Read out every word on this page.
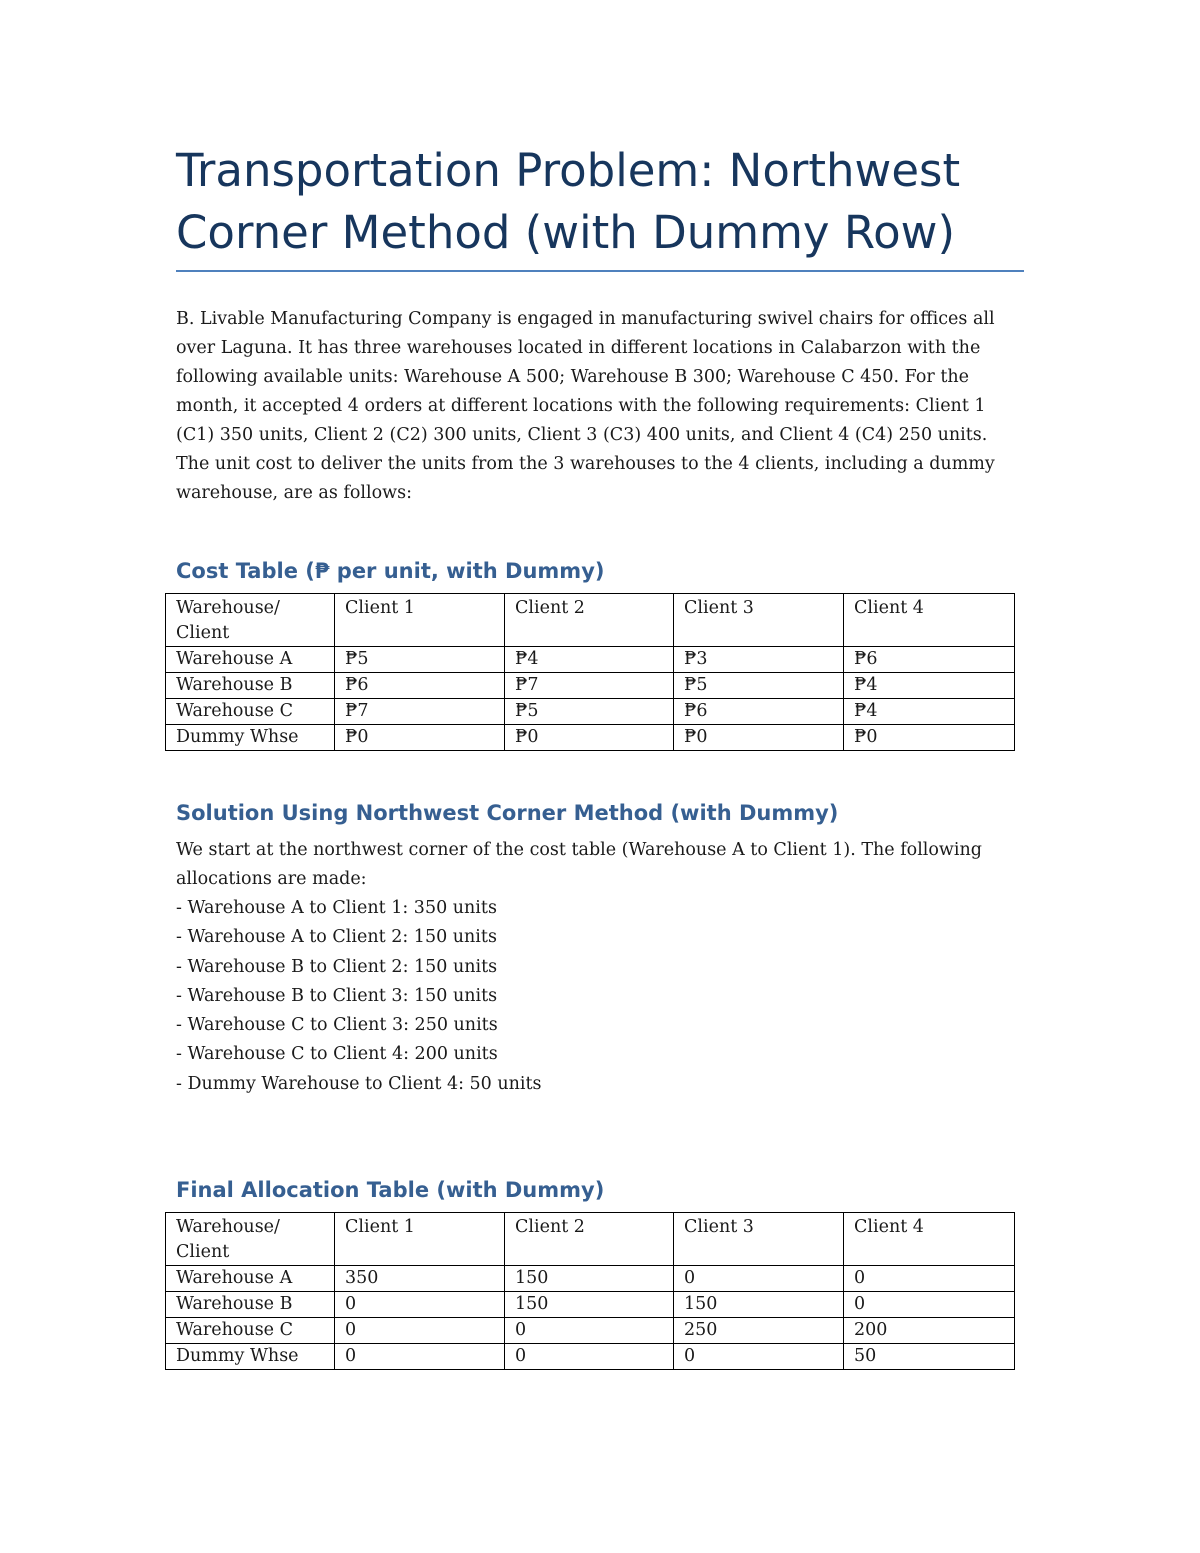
Transportation Problem: Northwest Corner Method (with Dummy Row)

B. Livable Manufacturing Company is engaged in manufacturing swivel chairs for offices all over Laguna. It has three warehouses located in different locations in Calabarzon with the following available units: Warehouse A 500; Warehouse B 300; Warehouse C 450. For the month, it accepted 4 orders at different locations with the following requirements: Client 1 (C1) 350 units, Client 2 (C2) 300 units, Client 3 (C3) 400 units, and Client 4 (C4) 250 units. The unit cost to deliver the units from the 3 warehouses to the 4 clients, including a dummy warehouse, are as follows:

Cost Table (₱ per unit, with Dummy)
Warehouse/ Client	Client 1	Client 2	Client 3	Client 4
Warehouse A	₱5	₱4	₱3	₱6
Warehouse B	₱6	₱7	₱5	₱4
Warehouse C	₱7	₱5	₱6	₱4
Dummy Whse	₱0	₱0	₱0	₱0
Solution Using Northwest Corner Method (with Dummy)

We start at the northwest corner of the cost table (Warehouse A to Client 1). The following allocations are made:

- Warehouse A to Client 1: 350 units
- Warehouse A to Client 2: 150 units
- Warehouse B to Client 2: 150 units
- Warehouse B to Client 3: 150 units
- Warehouse C to Client 3: 250 units
- Warehouse C to Client 4: 200 units
- Dummy Warehouse to Client 4: 50 units
Final Allocation Table (with Dummy)
Warehouse/ Client	Client 1	Client 2	Client 3	Client 4
Warehouse A	350	150	0	0
Warehouse B	0	150	150	0
Warehouse C	0	0	250	200
Dummy Whse	0	0	0	50
